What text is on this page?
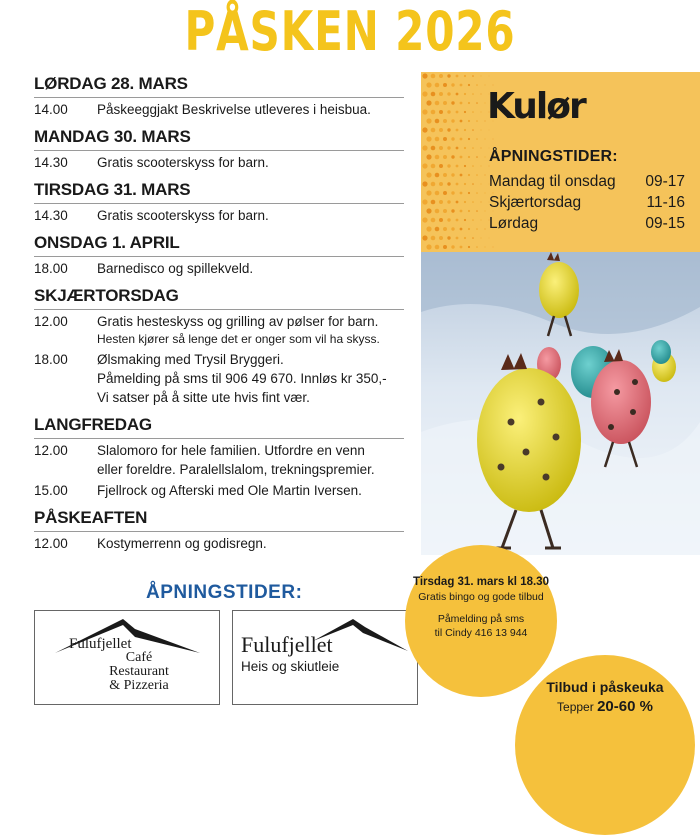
PÅSKEN 2026
LØRDAG 28. MARS
14.00	Påskeeggjakt Beskrivelse utleveres i heisbua.
MANDAG 30. MARS
14.30	Gratis scooterskyss for barn.
TIRSDAG 31. MARS
14.30	Gratis scooterskyss for barn.
ONSDAG 1. APRIL
18.00	Barnedisco og spillekveld.
SKJÆRTORSDAG
12.00	Gratis hesteskyss og grilling av pølser for barn.
Hesten kjører så lenge det er onger som vil ha skyss.
18.00	Ølsmaking med Trysil Bryggeri.
Påmelding på sms til 906 49 670. Innløs kr 350,-
Vi satser på å sitte ute hvis fint vær.
LANGFREDAG
12.00	Slalomoro for hele familien. Utfordre en venn
eller foreldre. Paralellslalom, trekningspremier.
15.00	Fjellrock og Afterski med Ole Martin Iversen.
PÅSKEAFTEN
12.00	Kostymerrenn og godisregn.
Kulør
ÅPNINGSTIDER:
Mandag til onsdag 09-17
Skjærtorsdag	11-16
Lørdag	09-15
ÅPNINGSTIDER:
Fulufjellet
Café
Restaurant
& Pizzeria
Fulufjellet
Heis og skiutleie
Tirsdag 31. mars kl 18.30
Gratis bingo og gode tilbud
Påmelding på sms
til Cindy 416 13 944
Tilbud i påskeuka
Tepper 20-60 %
